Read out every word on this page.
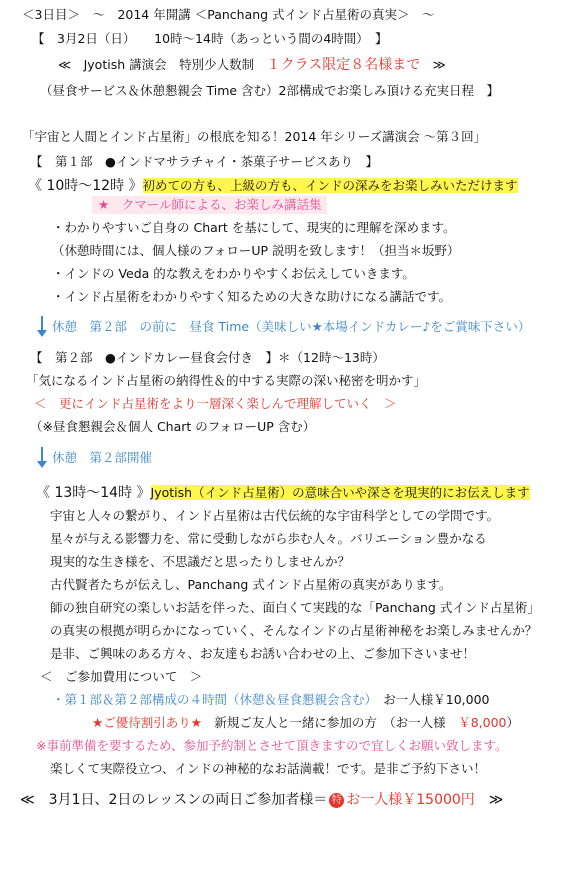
＜3日目＞　～　2014 年開講 ＜Panchang 式インド占星術の真実＞　～
【　3月2日（日）　　10時～14時（あっという間の4時間）　】
≪　Jyotish 講演会　特別少人数制　１クラス限定８名様まで　≫
（昼食サービス＆休憩懇親会 Time 含む）2部構成でお楽しみ頂ける充実日程　】
「宇宙と人間とインド占星術」の根底を知る！2014 年シリーズ講演会 ～第３回」
【　第１部　●インドマサラチャイ・茶菓子サービスあり　】
《 10時～12時 》初めての方も、上級の方も、インドの深みをお楽しみいただけます
★　クマール師による、お楽しみ講話集
・わかりやすいご自身の Chart を基にして、現実的に理解を深めます。
（休憩時間には、個人様のフォローUP 説明を致します！（担当＊坂野）
・インドの Veda 的な教えをわかりやすくお伝えしていきます。
・インド占星術をわかりやすく知るための大きな助けになる講話です。
休憩　第２部　の前に　昼食 Time（美味しい★本場インドカレー♪をご賞味下さい）
【　第２部　●インドカレー昼食会付き　】＊（12時～13時）
「気になるインド占星術の納得性＆的中する実際の深い秘密を明かす」
＜　更にインド占星術をより一層深く楽しんで理解していく　＞
（※昼食懇親会＆個人 Chart のフォローUP 含む）
休憩　第２部開催
《 13時～14時 》Jyotish（インド占星術）の意味合いや深さを現実的にお伝えします
宇宙と人々の繋がり、インド占星術は古代伝統的な宇宙科学としての学問です。
星々が与える影響力を、常に受動しながら歩む人々。バリエーション豊かなる
現実的な生き様を、不思議だと思ったりしませんか？
古代賢者たちが伝えし、Panchang 式インド占星術の真実があります。
師の独自研究の楽しいお話を伴った、面白くて実践的な「Panchang 式インド占星術」
の真実の根拠が明らかになっていく、そんなインドの占星術神秘をお楽しみませんか？
是非、ご興味のある方々、お友達もお誘い合わせの上、ご参加下さいませ！
＜　ご参加費用について　＞
・第１部＆第２部構成の４時間（休憩＆昼食懇親会含む）　お一人様￥10,000
★ご優待割引あり★　新規ご友人と一緒に参加の方　（お一人様　￥8,000）
※事前準備を要するため、参加予約制とさせて頂きますので宜しくお願い致します。
楽しくて実際役立つ、インドの神秘的なお話満載！です。是非ご予約下さい！
≪　3月1日、2日のレッスンの両日ご参加者様＝ 特 お一人様￥15000円　≫
